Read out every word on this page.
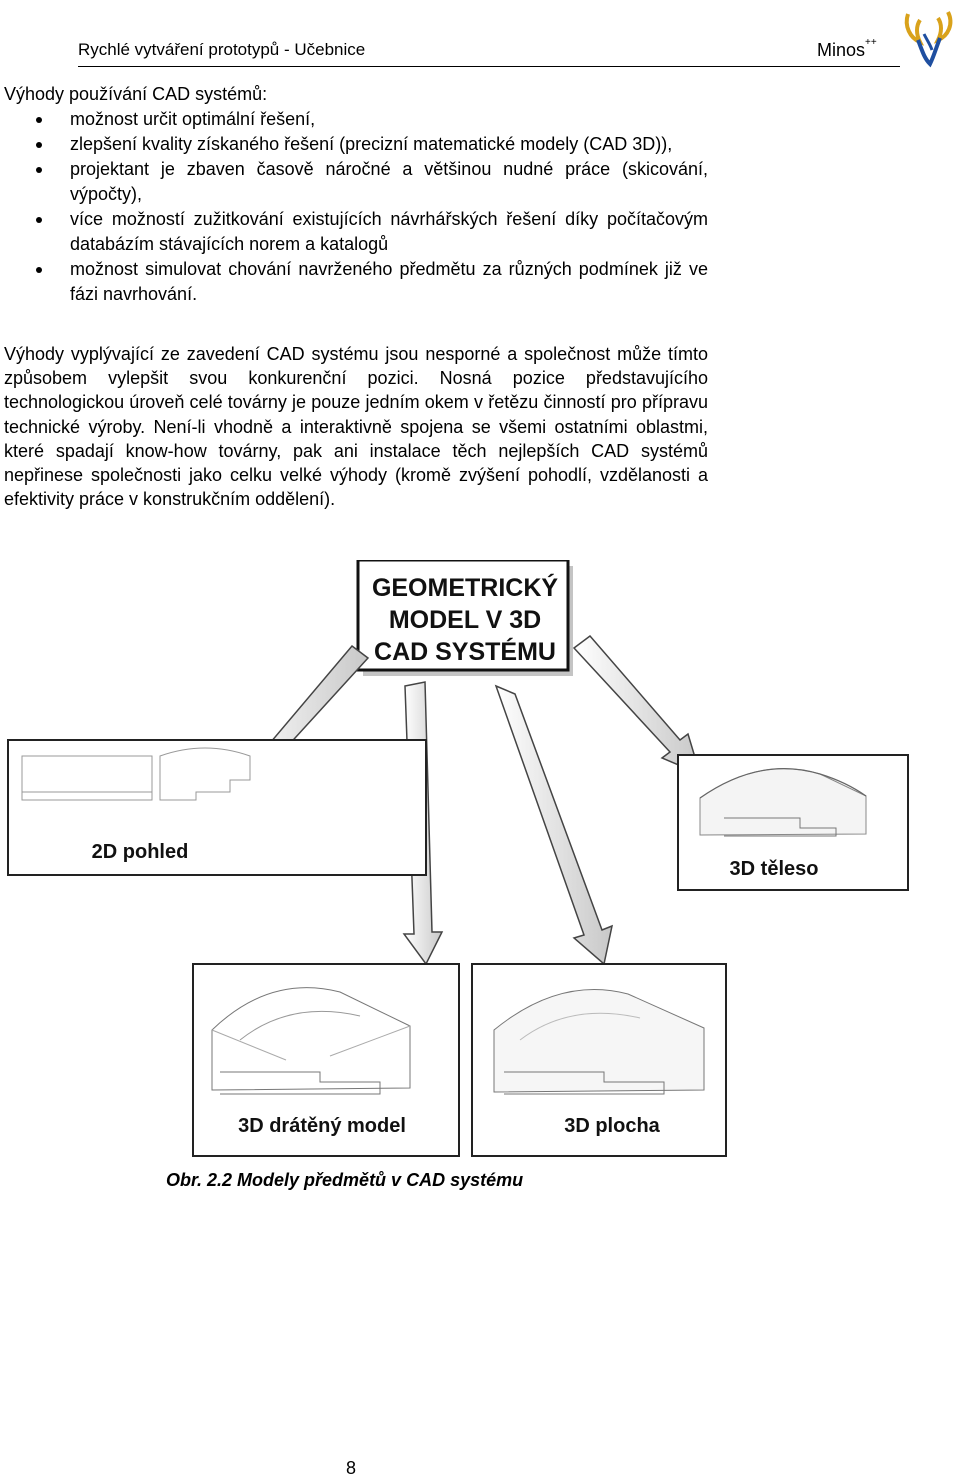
Rychlé vytváření prototypů - Učebnice	Minos++
Výhody používání CAD systémů:
možnost určit optimální řešení,
zlepšení kvality získaného řešení (precizní matematické modely (CAD 3D)),
projektant je zbaven časově náročné a většinou nudné práce (skicování, výpočty),
více možností zužitkování existujících návrhářských řešení díky počítačovým databázím stávajících norem a katalogů
možnost simulovat chování navrženého předmětu za různých podmínek již ve fázi navrhování.
Výhody vyplývající ze zavedení CAD systému jsou nesporné a společnost může tímto způsobem vylepšit svou konkurenční pozici. Nosná pozice představujícího technologickou úroveň celé továrny je pouze jedním okem v řetězu činností pro přípravu technické výroby. Není-li vhodně a interaktivně spojena se všemi ostatními oblastmi, které spadají know-how továrny, pak ani instalace těch nejlepších CAD systémů nepřinese společnosti jako celku velké výhody (kromě zvýšení pohodlí, vzdělanosti a efektivity práce v konstrukčním oddělení).
GEOMETRICKÝ
MODEL V 3D
CAD SYSTÉMU
2D pohled
3D těleso
3D drátěný model	3D plocha
Obr. 2.2 Modely předmětů v CAD systému
8
